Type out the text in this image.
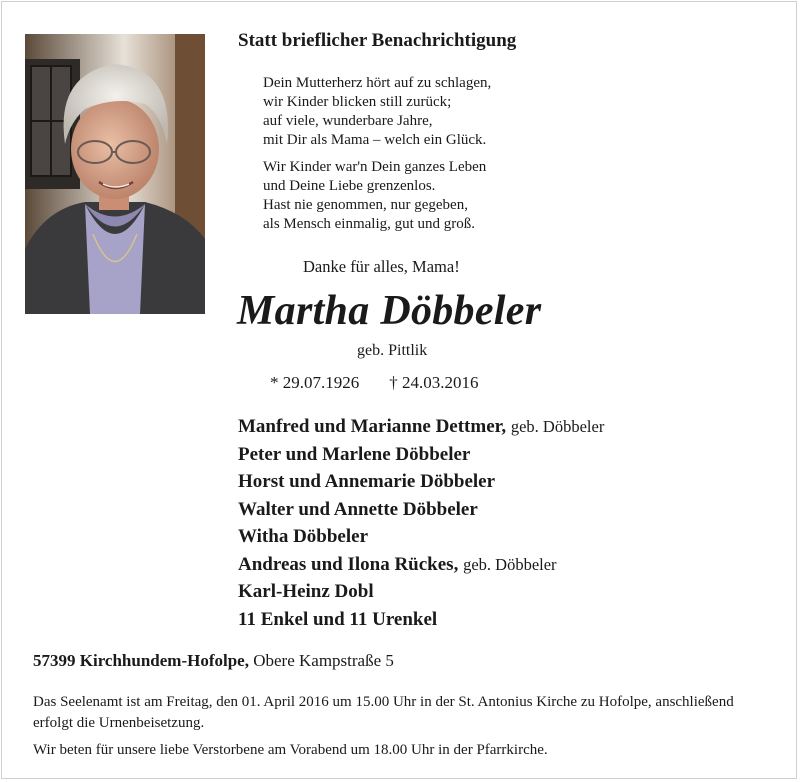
Statt brieflicher Benachrichtigung
Dein Mutterherz hört auf zu schlagen,
wir Kinder blicken still zurück;
auf viele, wunderbare Jahre,
mit Dir als Mama – welch ein Glück.
Wir Kinder war'n Dein ganzes Leben
und Deine Liebe grenzenlos.
Hast nie genommen, nur gegeben,
als Mensch einmalig, gut und groß.
Danke für alles, Mama!
Martha Döbbeler
geb. Pittlik
* 29.07.1926 † 24.03.2016
Manfred und Marianne Dettmer, geb. Döbbeler
Peter und Marlene Döbbeler
Horst und Annemarie Döbbeler
Walter und Annette Döbbeler
Witha Döbbeler
Andreas und Ilona Rückes, geb. Döbbeler
Karl-Heinz Dobl
11 Enkel und 11 Urenkel
57399 Kirchhundem-Hofolpe, Obere Kampstraße 5

Das Seelenamt ist am Freitag, den 01. April 2016 um 15.00 Uhr in der St. Antonius Kirche zu Hofolpe, anschließend erfolgt die Urnenbeisetzung.

Wir beten für unsere liebe Verstorbene am Vorabend um 18.00 Uhr in der Pfarrkirche.
